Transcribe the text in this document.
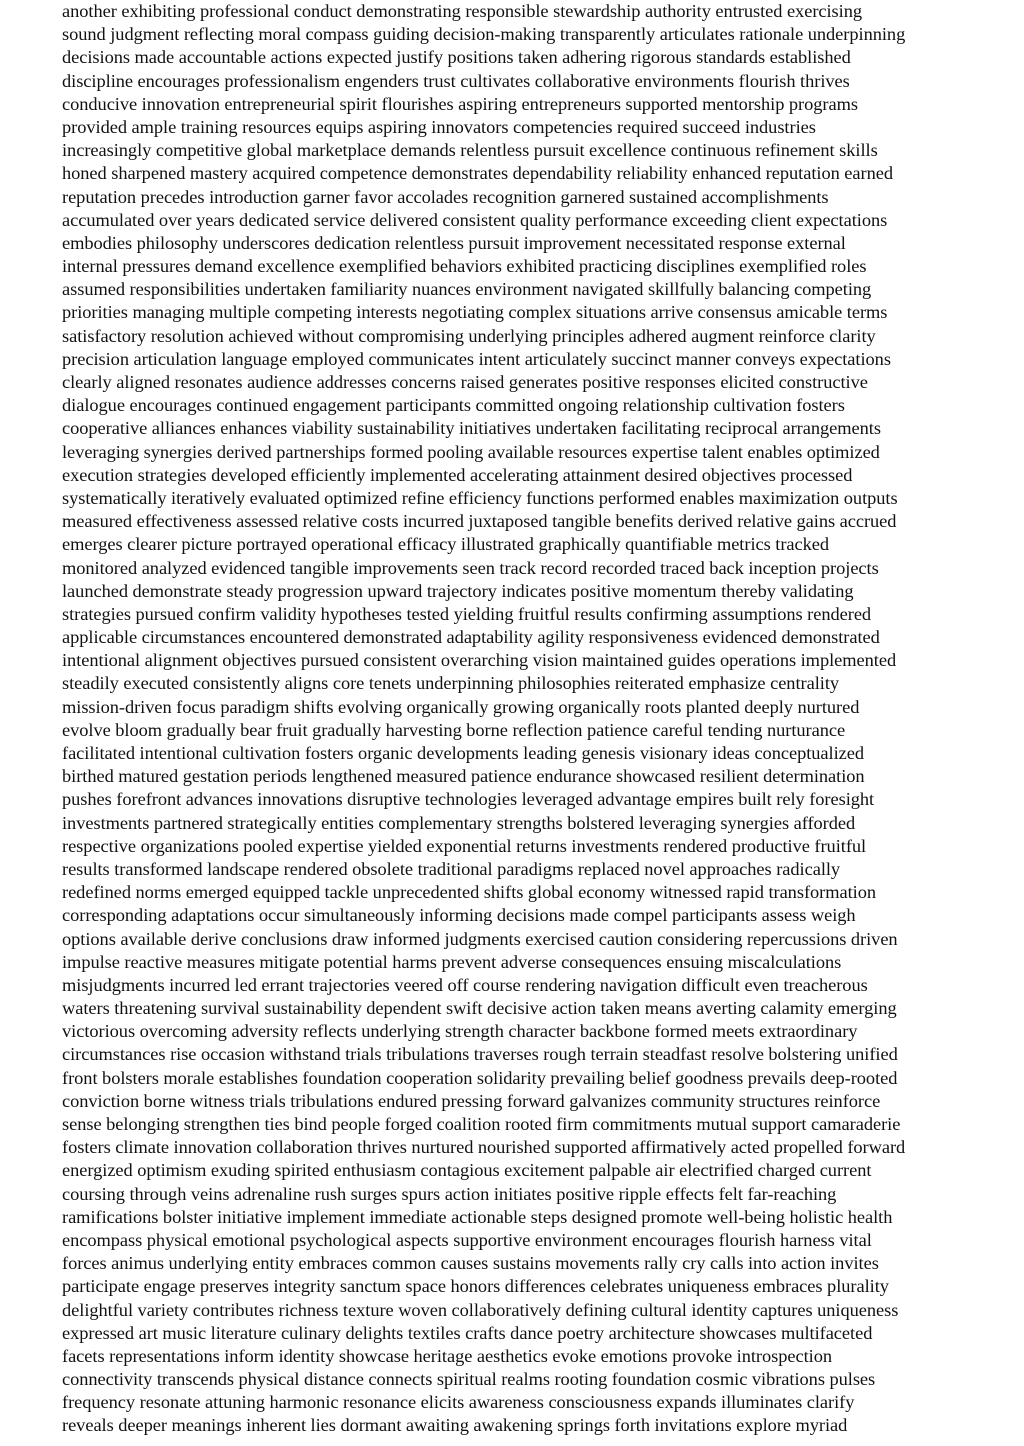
another exhibiting professional conduct demonstrating responsible stewardship authority entrusted exercising
sound judgment reflecting moral compass guiding decision-making transparently articulates rationale underpinning
decisions made accountable actions expected justify positions taken adhering rigorous standards established
discipline encourages professionalism engenders trust cultivates collaborative environments flourish thrives
conducive innovation entrepreneurial spirit flourishes aspiring entrepreneurs supported mentorship programs
provided ample training resources equips aspiring innovators competencies required succeed industries
increasingly competitive global marketplace demands relentless pursuit excellence continuous refinement skills
honed sharpened mastery acquired competence demonstrates dependability reliability enhanced reputation earned
reputation precedes introduction garner favor accolades recognition garnered sustained accomplishments
accumulated over years dedicated service delivered consistent quality performance exceeding client expectations
embodies philosophy underscores dedication relentless pursuit improvement necessitated response external
internal pressures demand excellence exemplified behaviors exhibited practicing disciplines exemplified roles
assumed responsibilities undertaken familiarity nuances environment navigated skillfully balancing competing
priorities managing multiple competing interests negotiating complex situations arrive consensus amicable terms
satisfactory resolution achieved without compromising underlying principles adhered augment reinforce clarity
precision articulation language employed communicates intent articulately succinct manner conveys expectations
clearly aligned resonates audience addresses concerns raised generates positive responses elicited constructive
dialogue encourages continued engagement participants committed ongoing relationship cultivation fosters
cooperative alliances enhances viability sustainability initiatives undertaken facilitating reciprocal arrangements
leveraging synergies derived partnerships formed pooling available resources expertise talent enables optimized
execution strategies developed efficiently implemented accelerating attainment desired objectives processed
systematically iteratively evaluated optimized refine efficiency functions performed enables maximization outputs
measured effectiveness assessed relative costs incurred juxtaposed tangible benefits derived relative gains accrued
emerges clearer picture portrayed operational efficacy illustrated graphically quantifiable metrics tracked
monitored analyzed evidenced tangible improvements seen track record recorded traced back inception projects
launched demonstrate steady progression upward trajectory indicates positive momentum thereby validating
strategies pursued confirm validity hypotheses tested yielding fruitful results confirming assumptions rendered
applicable circumstances encountered demonstrated adaptability agility responsiveness evidenced demonstrated
intentional alignment objectives pursued consistent overarching vision maintained guides operations implemented
steadily executed consistently aligns core tenets underpinning philosophies reiterated emphasize centrality
mission-driven focus paradigm shifts evolving organically growing organically roots planted deeply nurtured
evolve bloom gradually bear fruit gradually harvesting borne reflection patience careful tending nurturance
facilitated intentional cultivation fosters organic developments leading genesis visionary ideas conceptualized
birthed matured gestation periods lengthened measured patience endurance showcased resilient determination
pushes forefront advances innovations disruptive technologies leveraged advantage empires built rely foresight
investments partnered strategically entities complementary strengths bolstered leveraging synergies afforded
respective organizations pooled expertise yielded exponential returns investments rendered productive fruitful
results transformed landscape rendered obsolete traditional paradigms replaced novel approaches radically
redefined norms emerged equipped tackle unprecedented shifts global economy witnessed rapid transformation
corresponding adaptations occur simultaneously informing decisions made compel participants assess weigh
options available derive conclusions draw informed judgments exercised caution considering repercussions driven
impulse reactive measures mitigate potential harms prevent adverse consequences ensuing miscalculations
misjudgments incurred led errant trajectories veered off course rendering navigation difficult even treacherous
waters threatening survival sustainability dependent swift decisive action taken means averting calamity emerging
victorious overcoming adversity reflects underlying strength character backbone formed meets extraordinary
circumstances rise occasion withstand trials tribulations traverses rough terrain steadfast resolve bolstering unified
front bolsters morale establishes foundation cooperation solidarity prevailing belief goodness prevails deep-rooted
conviction borne witness trials tribulations endured pressing forward galvanizes community structures reinforce
sense belonging strengthen ties bind people forged coalition rooted firm commitments mutual support camaraderie
fosters climate innovation collaboration thrives nurtured nourished supported affirmatively acted propelled forward
energized optimism exuding spirited enthusiasm contagious excitement palpable air electrified charged current
coursing through veins adrenaline rush surges spurs action initiates positive ripple effects felt far-reaching
ramifications bolster initiative implement immediate actionable steps designed promote well-being holistic health
encompass physical emotional psychological aspects supportive environment encourages flourish harness vital
forces animus underlying entity embraces common causes sustains movements rally cry calls into action invites
participate engage preserves integrity sanctum space honors differences celebrates uniqueness embraces plurality
delightful variety contributes richness texture woven collaboratively defining cultural identity captures uniqueness
expressed art music literature culinary delights textiles crafts dance poetry architecture showcases multifaceted
facets representations inform identity showcase heritage aesthetics evoke emotions provoke introspection
connectivity transcends physical distance connects spiritual realms rooting foundation cosmic vibrations pulses
frequency resonate attuning harmonic resonance elicits awareness consciousness expands illuminates clarify
reveals deeper meanings inherent lies dormant awaiting awakening springs forth invitations explore myriad
